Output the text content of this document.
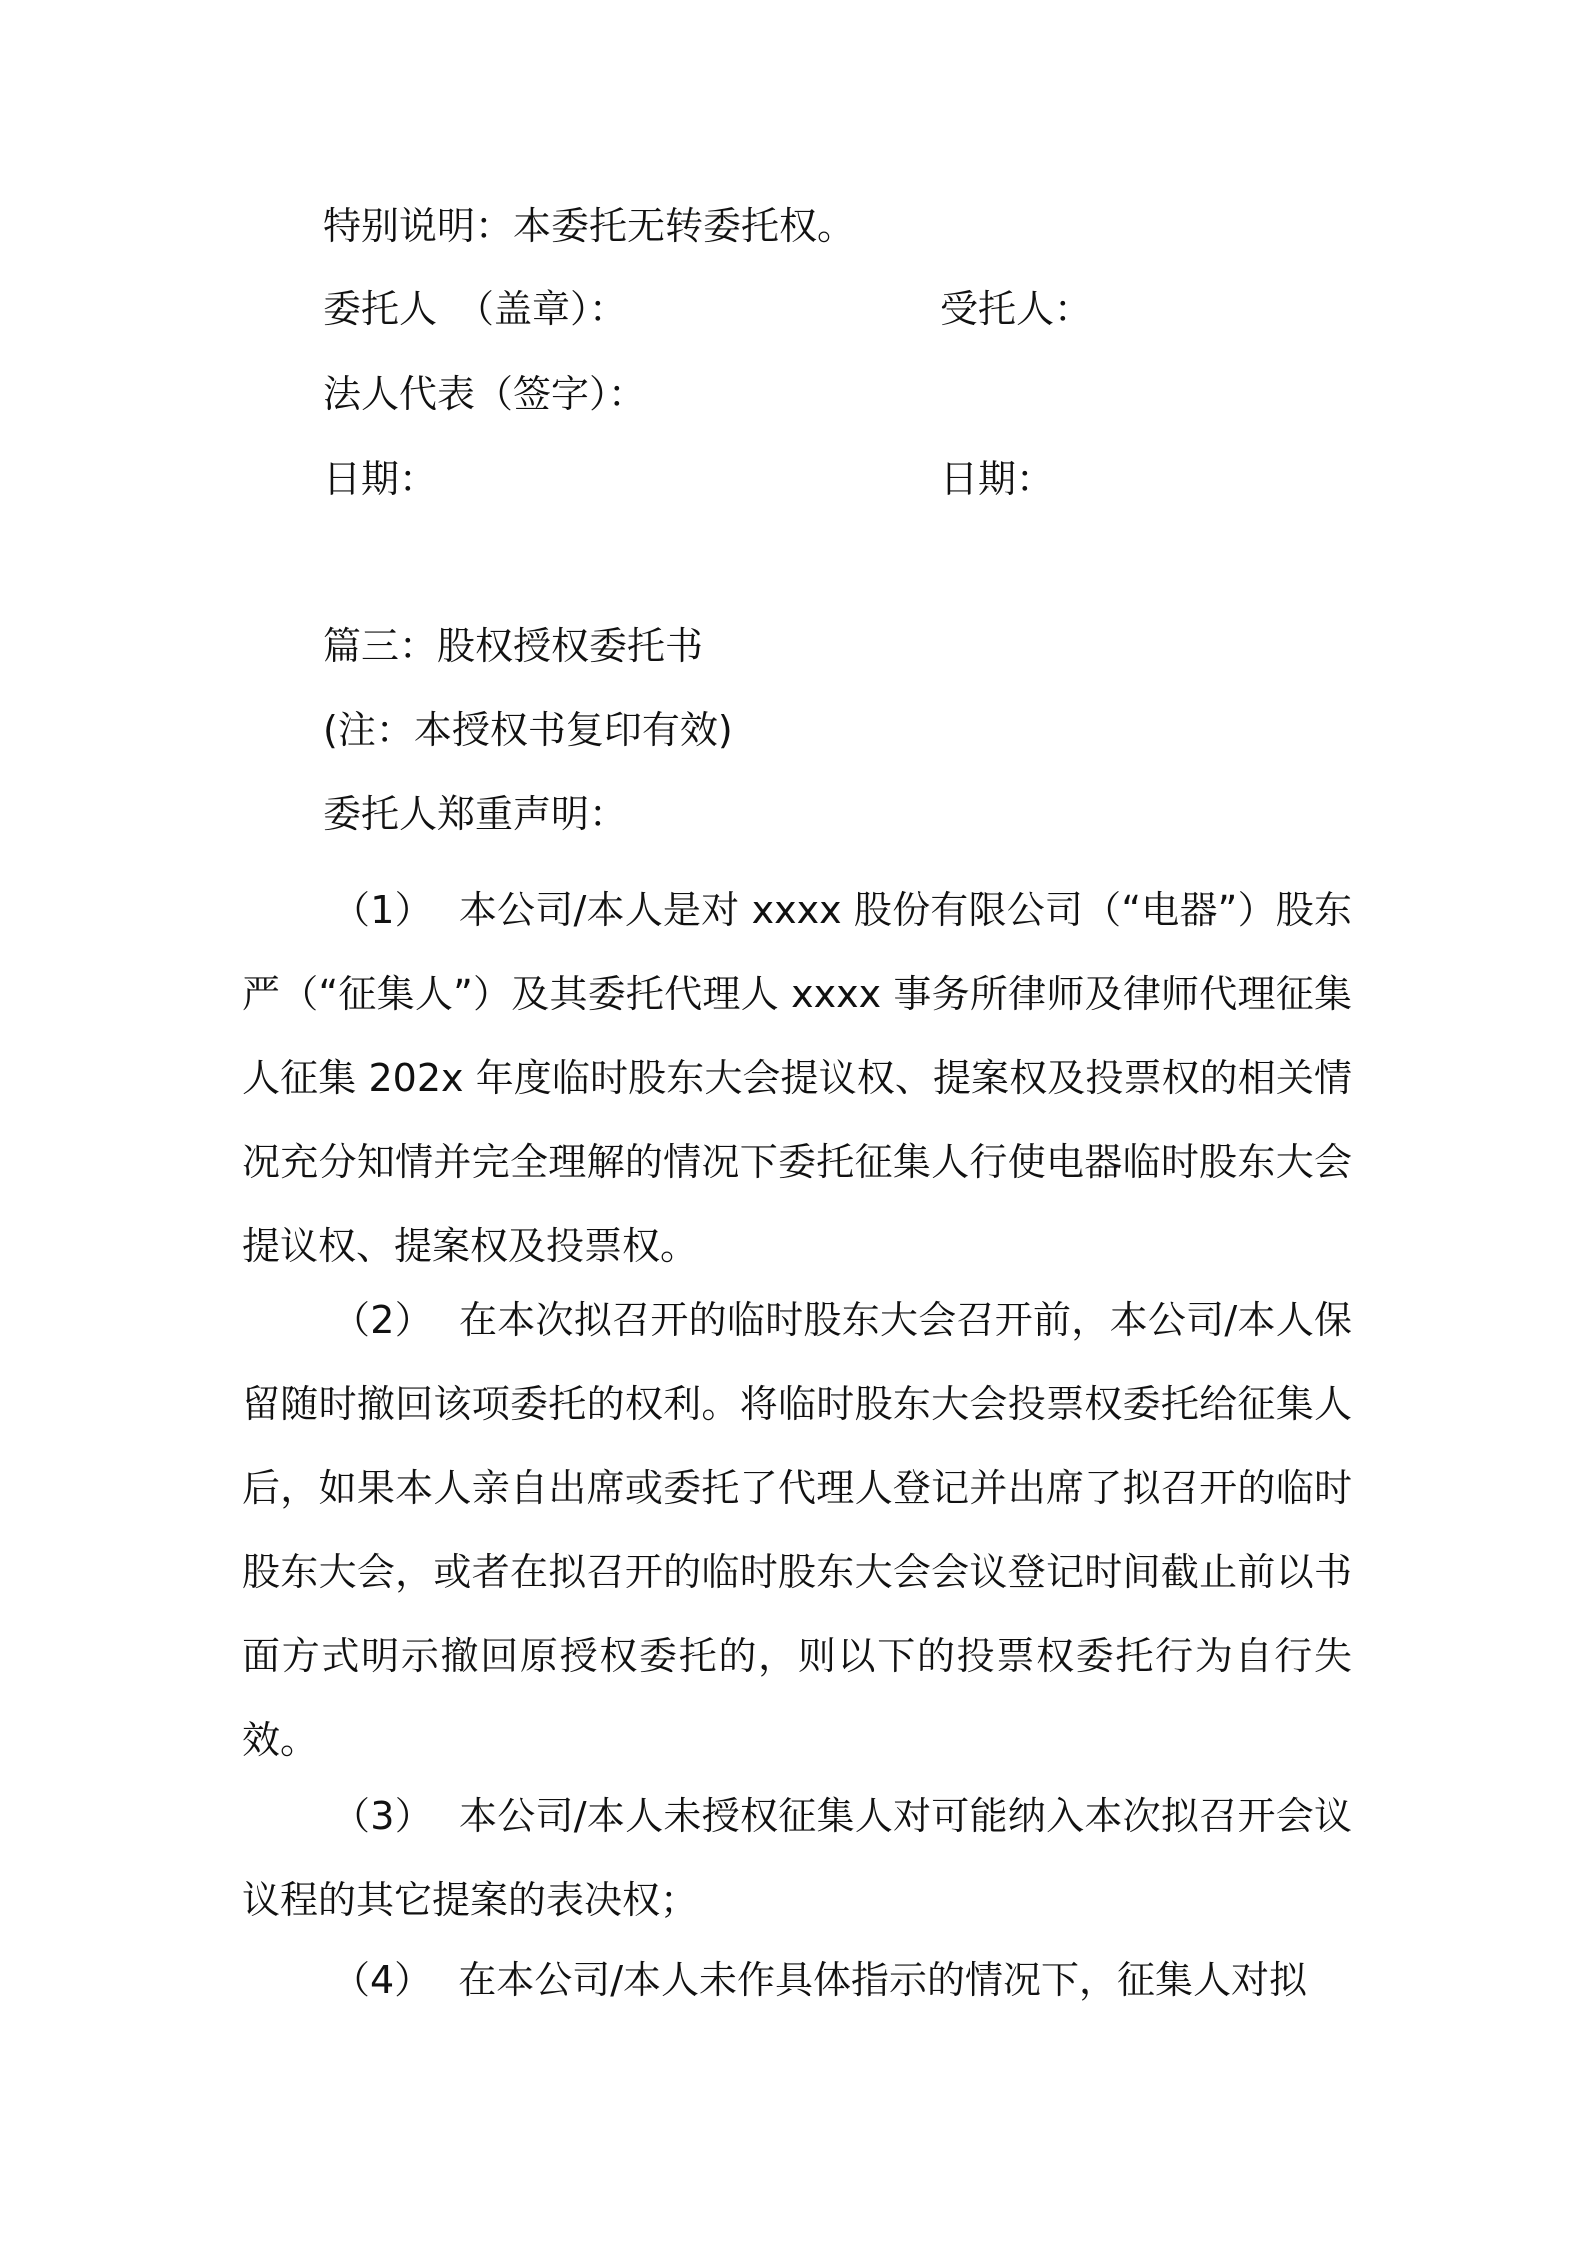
特别说明：本委托无转委托权。
委托人　（盖章）：	受托人：
法人代表（签字）：
日期：	日期：
篇三：股权授权委托书
(注：本授权书复印有效)
委托人郑重声明：
（1） 本公司/本人是对 xxxx 股份有限公司（“电器”）股东严（“征集人”）及其委托代理人 xxxx 事务所律师及律师代理征集人征集 202x 年度临时股东大会提议权、提案权及投票权的相关情况充分知情并完全理解的情况下委托征集人行使电器临时股东大会提议权、提案权及投票权。
（2） 在本次拟召开的临时股东大会召开前，本公司/本人保留随时撤回该项委托的权利。将临时股东大会投票权委托给征集人后，如果本人亲自出席或委托了代理人登记并出席了拟召开的临时股东大会，或者在拟召开的临时股东大会会议登记时间截止前以书面方式明示撤回原授权委托的，则以下的投票权委托行为自行失效。
（3） 本公司/本人未授权征集人对可能纳入本次拟召开会议议程的其它提案的表决权；
（4） 在本公司/本人未作具体指示的情况下，征集人对拟
